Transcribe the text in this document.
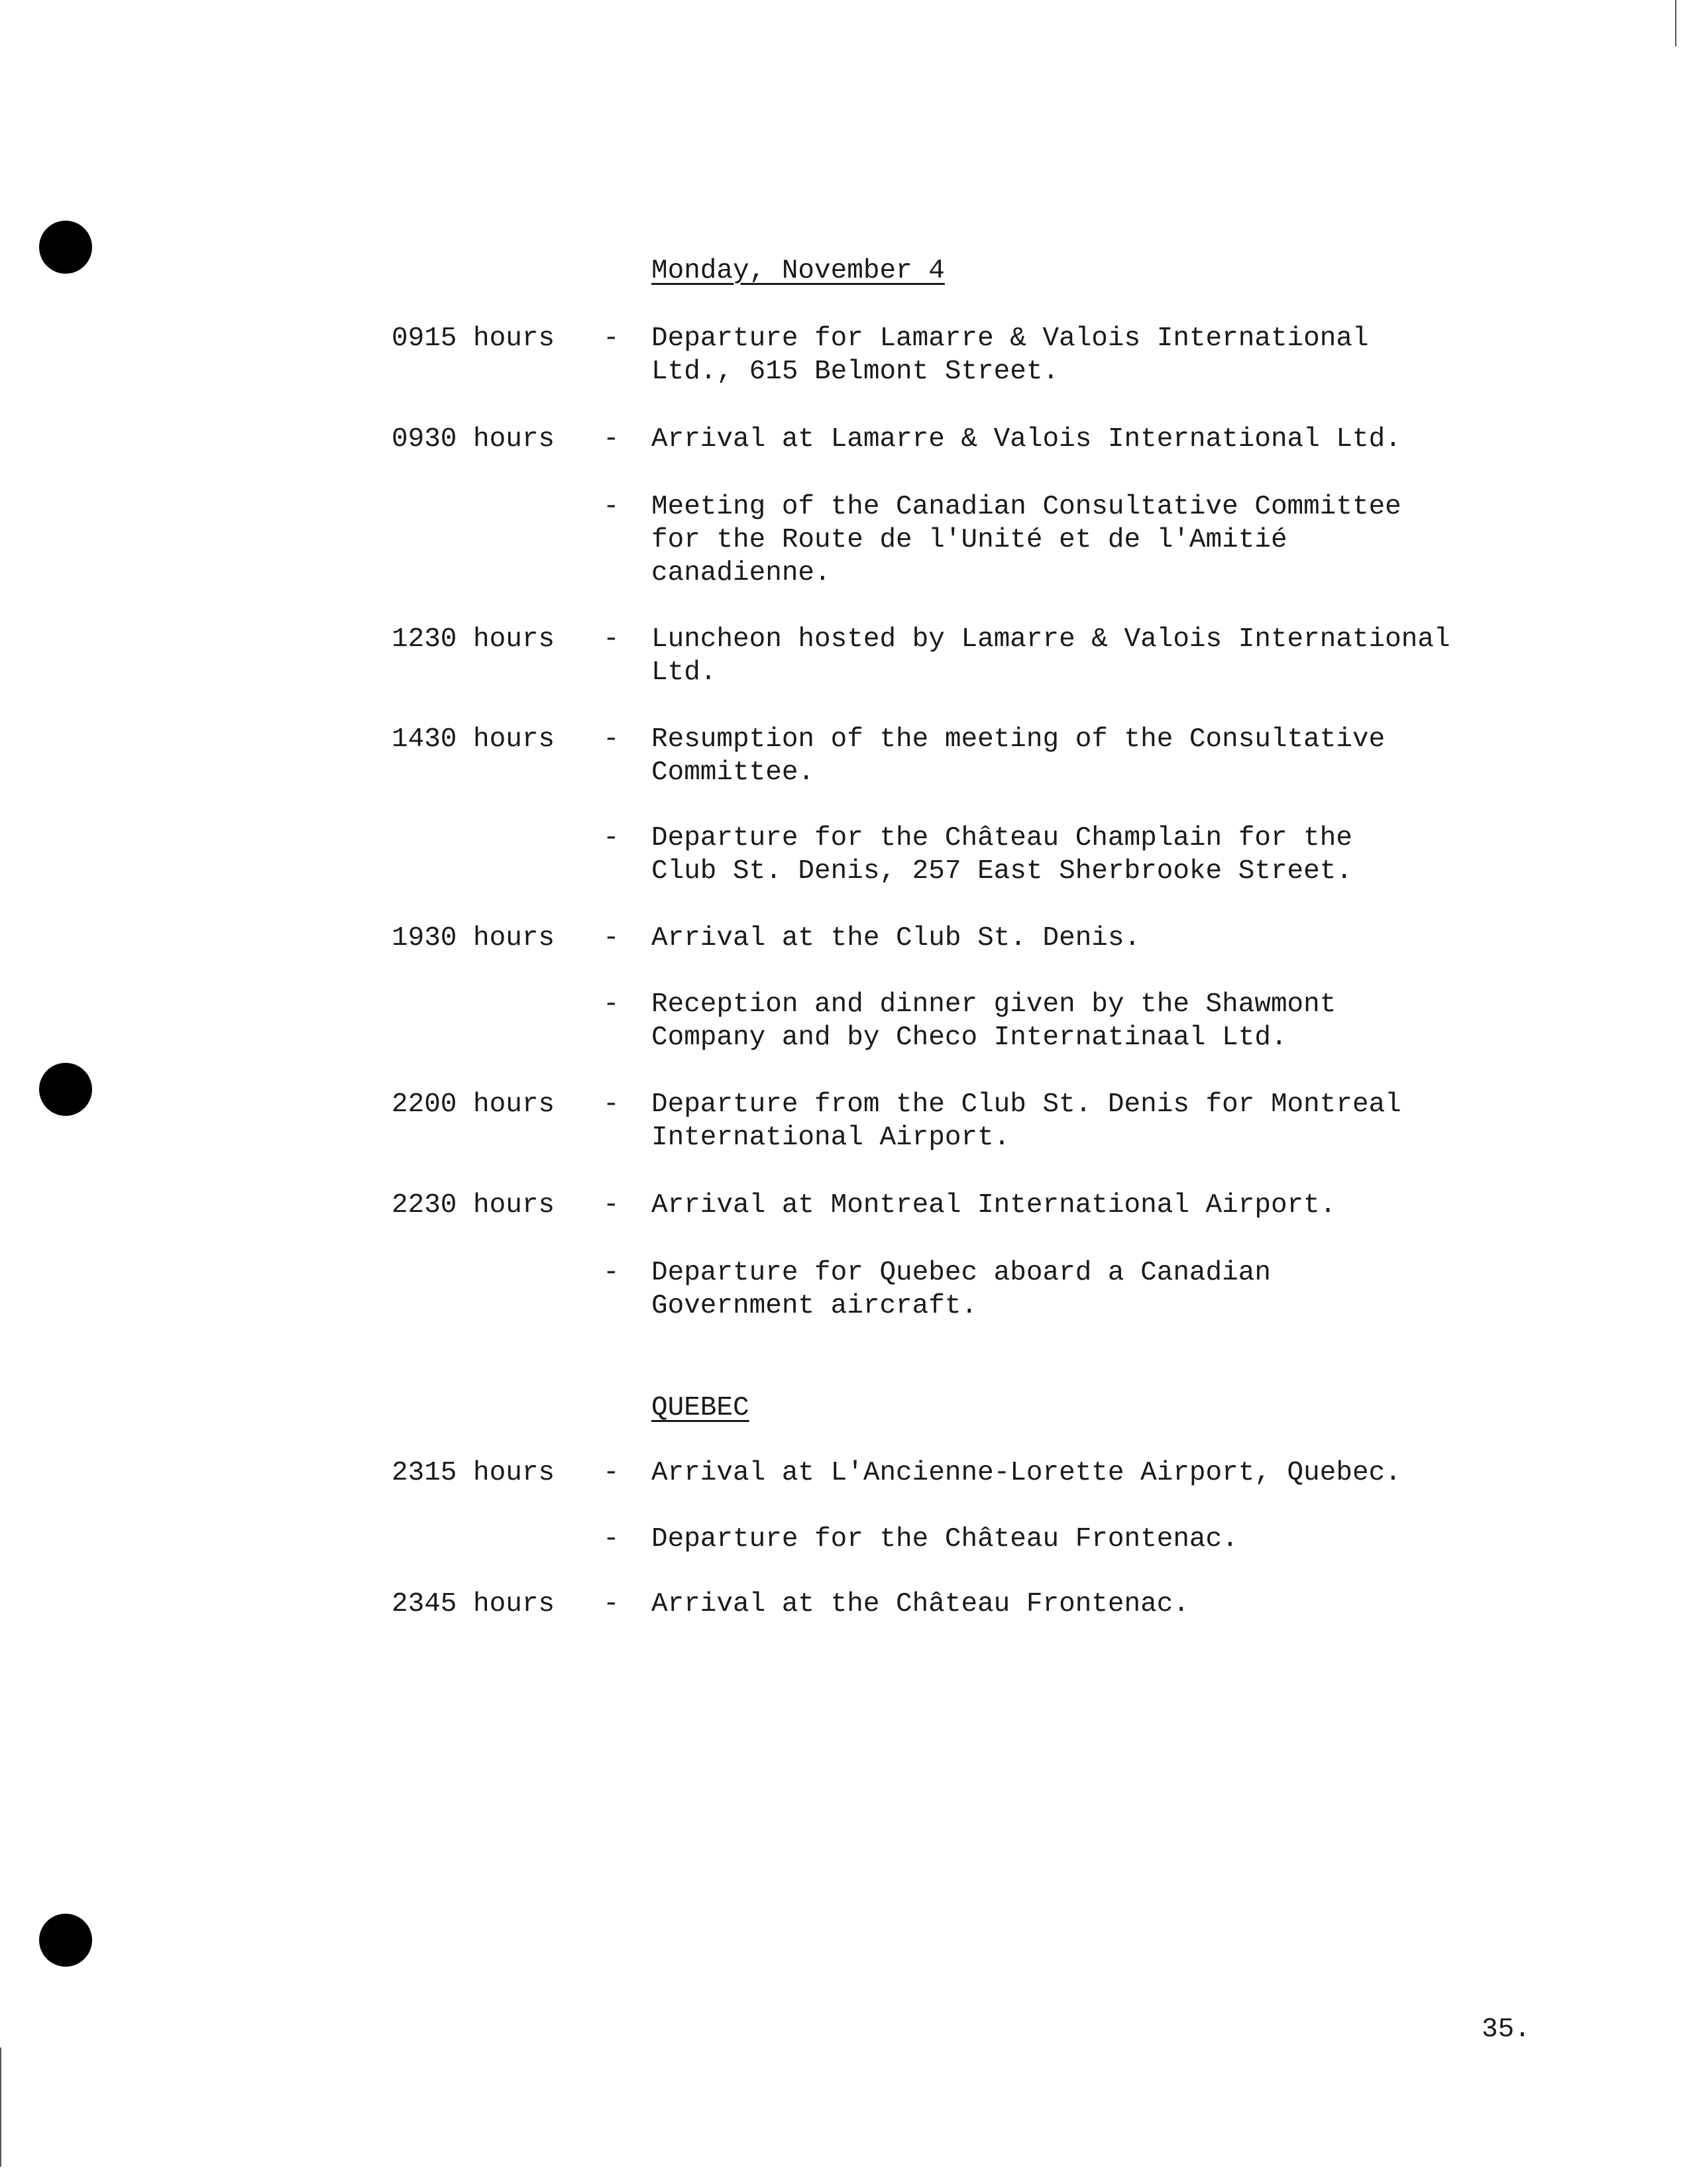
Monday, November 4
0915 hours - Departure for Lamarre & Valois International
Ltd., 615 Belmont Street.
0930 hours - Arrival at Lamarre & Valois International Ltd.
- Meeting of the Canadian Consultative Committee
for the Route de l'Unité et de l'Amitié
canadienne.
1230 hours - Luncheon hosted by Lamarre & Valois International
Ltd.
1430 hours - Resumption of the meeting of the Consultative
Committee.
- Departure for the Château Champlain for the
Club St. Denis, 257 East Sherbrooke Street.
1930 hours - Arrival at the Club St. Denis.
- Reception and dinner given by the Shawmont
Company and by Checo Internatinaal Ltd.
2200 hours - Departure from the Club St. Denis for Montreal
International Airport.
2230 hours - Arrival at Montreal International Airport.
- Departure for Quebec aboard a Canadian
Government aircraft.
QUEBEC
2315 hours - Arrival at L'Ancienne-Lorette Airport, Quebec.
- Departure for the Château Frontenac.
2345 hours - Arrival at the Château Frontenac.
35.
